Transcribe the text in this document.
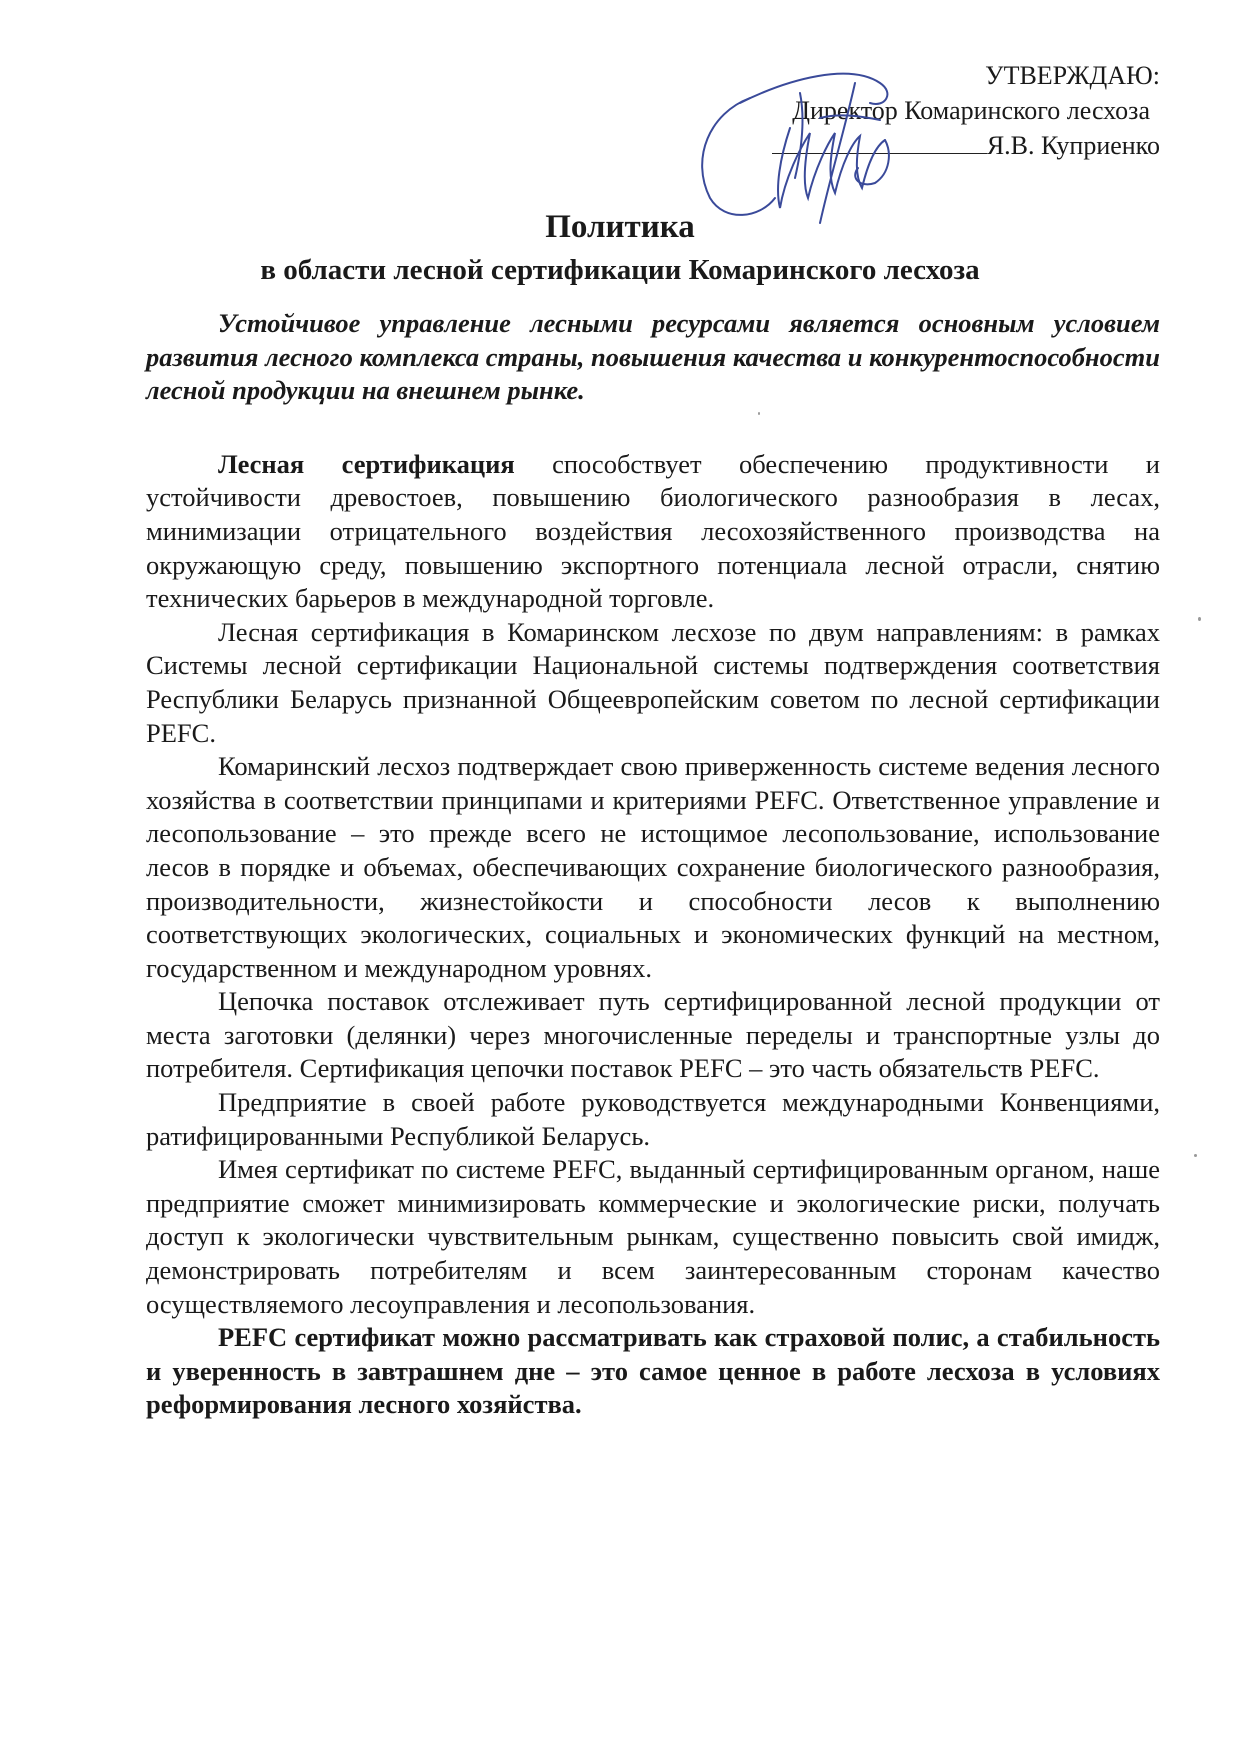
УТВЕРЖДАЮ:
Директор Комаринского лесхоза
Я.В. Куприенко
Политика
в области лесной сертификации Комаринского лесхоза

Устойчивое управление лесными ресурсами является основным условием развития лесного комплекса страны, повышения качества и конкурентоспособности лесной продукции на внешнем рынке.

Лесная сертификация способствует обеспечению продуктивности и устойчивости древостоев, повышению биологического разнообразия в лесах, минимизации отрицательного воздействия лесохозяйственного производства на окружающую среду, повышению экспортного потенциала лесной отрасли, снятию технических барьеров в международной торговле.

Лесная сертификация в Комаринском лесхозе по двум направлениям: в рамках Системы лесной сертификации Национальной системы подтверждения соответствия Республики Беларусь признанной Общеевропейским советом по лесной сертификации PEFC.

Комаринский лесхоз подтверждает свою приверженность системе ведения лесного хозяйства в соответствии принципами и критериями PEFC. Ответственное управление и лесопользование – это прежде всего не истощимое лесопользование, использование лесов в порядке и объемах, обеспечивающих сохранение биологического разнообразия, производительности, жизнестойкости и способности лесов к выполнению соответствующих экологических, социальных и экономических функций на местном, государственном и международном уровнях.

Цепочка поставок отслеживает путь сертифицированной лесной продукции от места заготовки (делянки) через многочисленные переделы и транспортные узлы до потребителя. Сертификация цепочки поставок PEFC – это часть обязательств PEFC.

Предприятие в своей работе руководствуется международными Конвенциями, ратифицированными Республикой Беларусь.

Имея сертификат по системе PEFC, выданный сертифицированным органом, наше предприятие сможет минимизировать коммерческие и экологические риски, получать доступ к экологически чувствительным рынкам, существенно повысить свой имидж, демонстрировать потребителям и всем заинтересованным сторонам качество осуществляемого лесоуправления и лесопользования.

PEFC сертификат можно рассматривать как страховой полис, а стабильность и уверенность в завтрашнем дне – это самое ценное в работе лесхоза в условиях реформирования лесного хозяйства.
